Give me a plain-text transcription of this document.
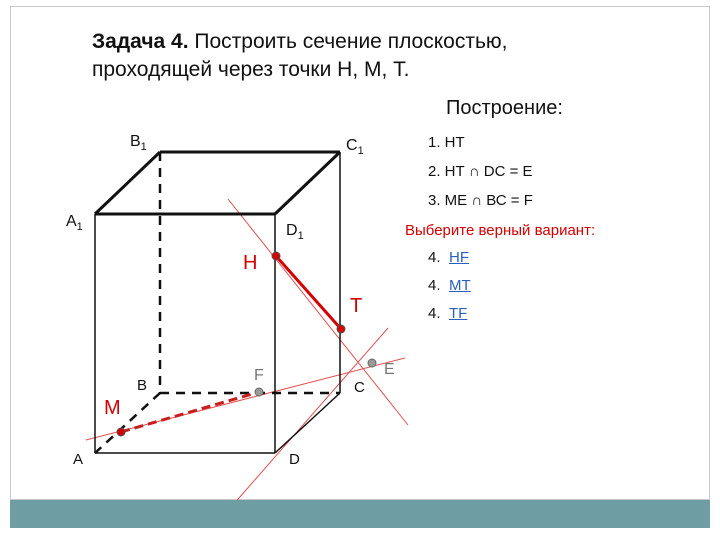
Задача 4. Построить сечение плоскостью,
проходящей через точки Н, М, Т.
Построение:
1. НТ
2. НТ ∩ DC = E
3. МЕ ∩ ВС = F
Выберите верный вариант:
4. HF
4. MT
4. TF
$B_1$	$C_1$
$A_1$	$D_1$
B	C
A	D
H
T
M
F	E
